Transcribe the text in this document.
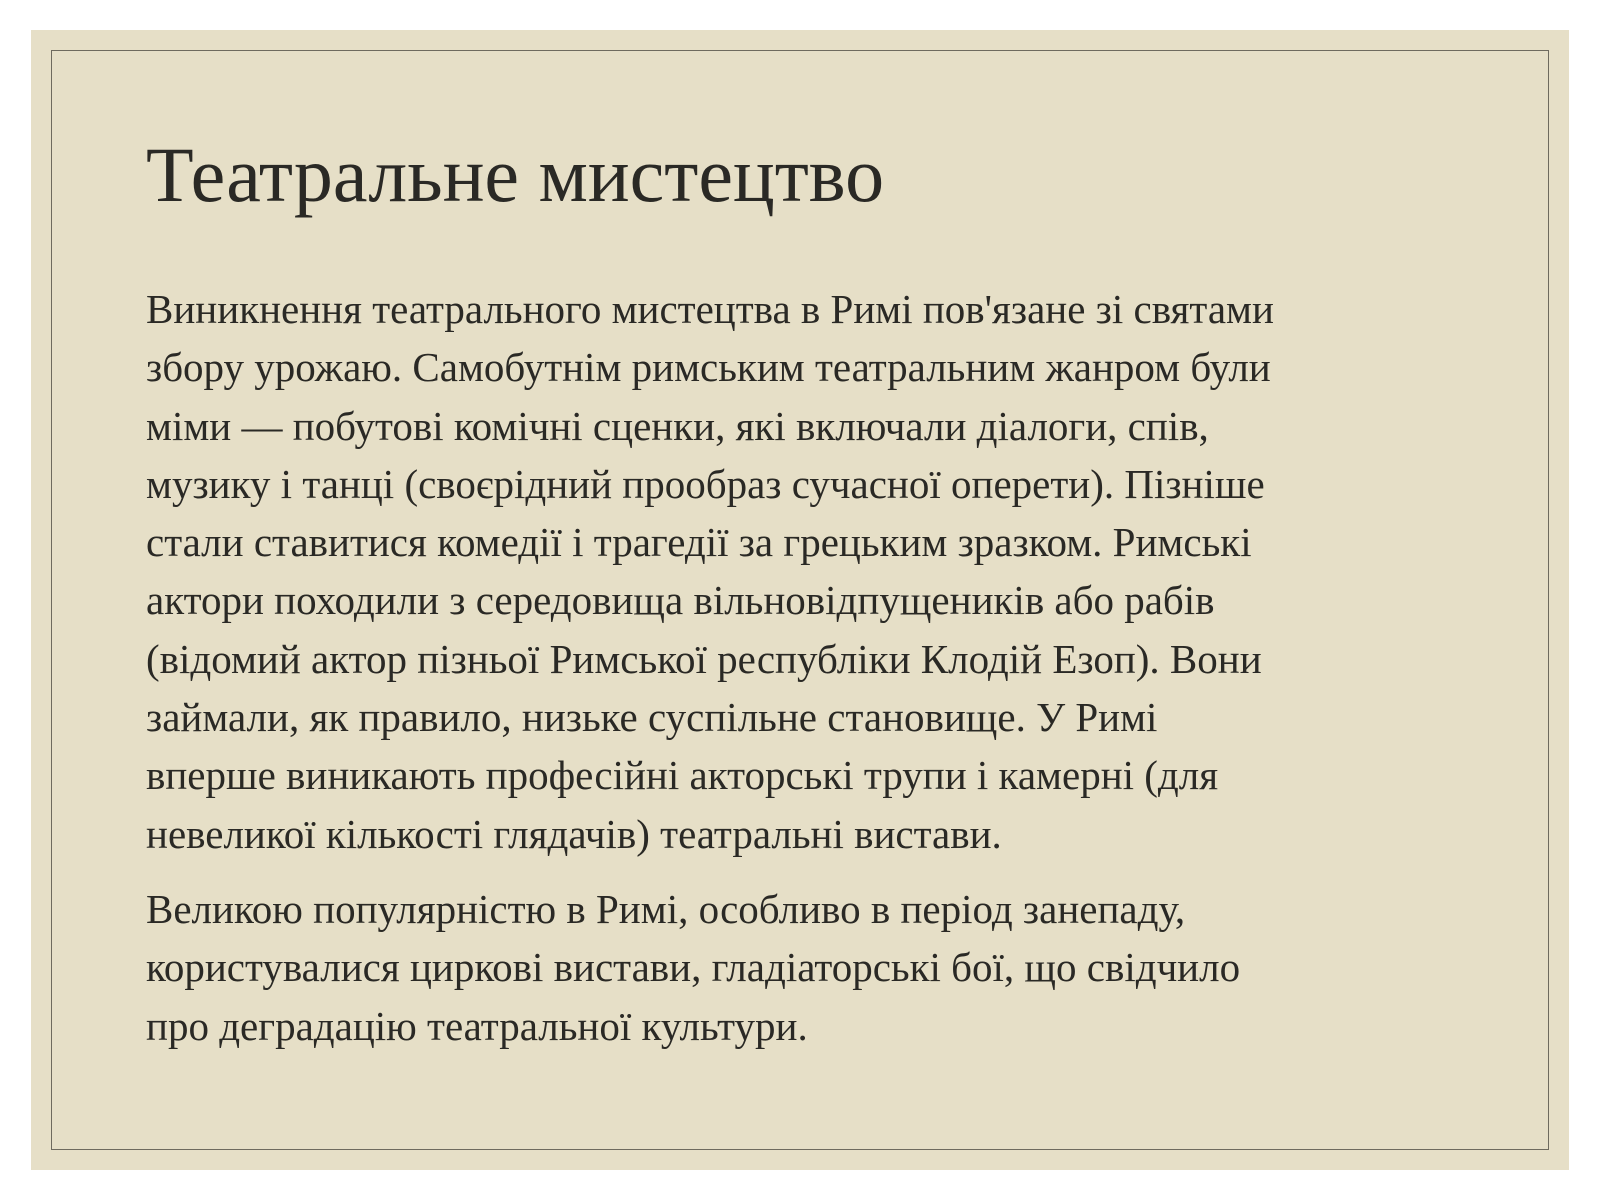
Театральне мистецтво

Виникнення театрального мистецтва в Римі пов'язане зі святами
збору урожаю. Самобутнім римським театральним жанром були
міми — побутові комічні сценки, які включали діалоги, спів,
музику і танці (своєрідний прообраз сучасної оперети). Пізніше
стали ставитися комедії і трагедії за грецьким зразком. Римські
актори походили з середовища вільновідпущеників або рабів
(відомий актор пізньої Римської республіки Клодій Езоп). Вони
займали, як правило, низьке суспільне становище. У Римі
вперше виникають професійні акторські трупи і камерні (для
невеликої кількості глядачів) театральні вистави.

Великою популярністю в Римі, особливо в період занепаду,
користувалися циркові вистави, гладіаторські бої, що свідчило
про деградацію театральної культури.
